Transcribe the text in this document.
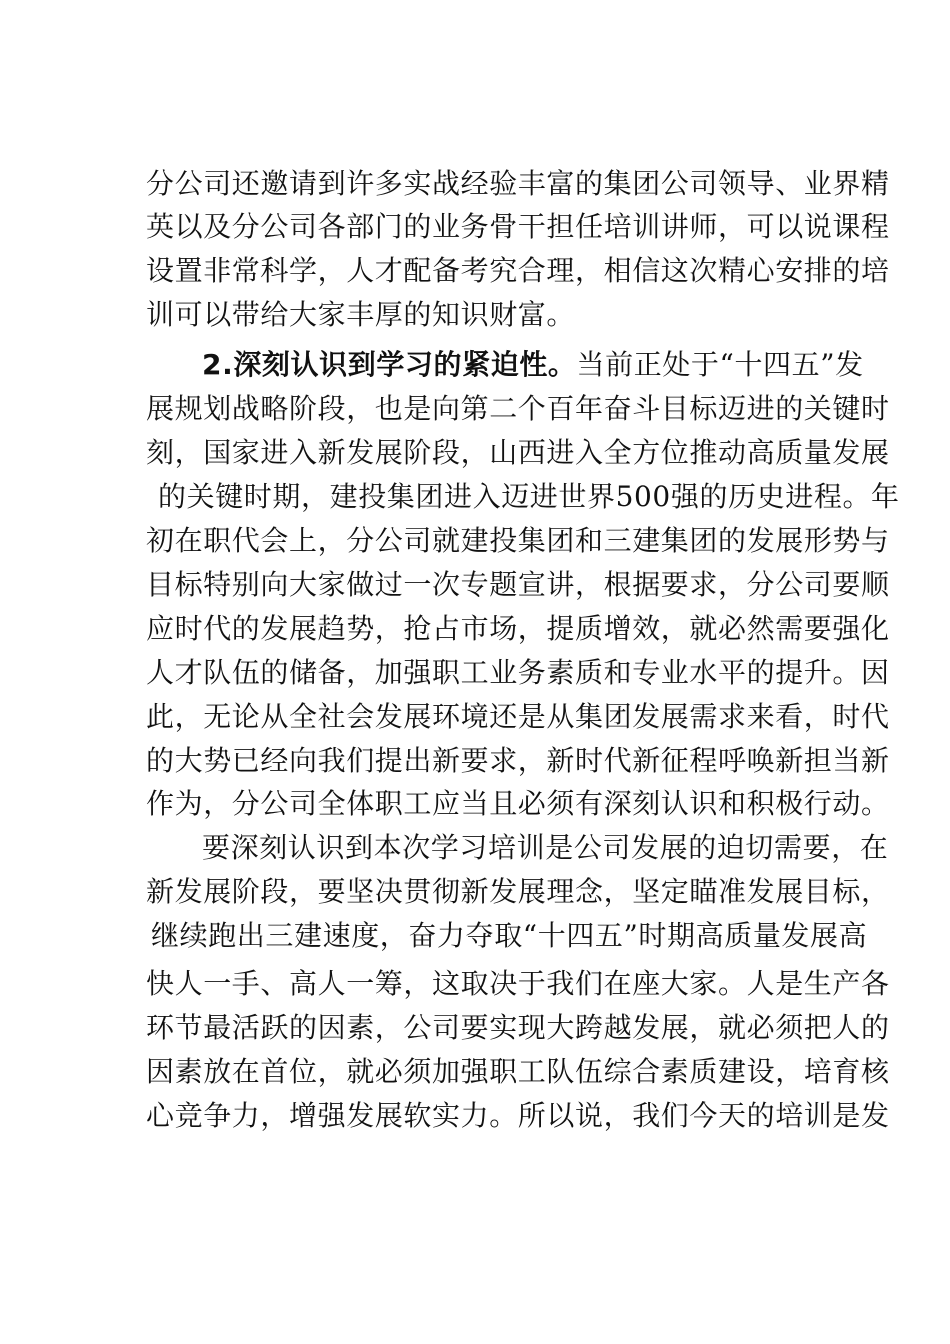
分公司还邀请到许多实战经验丰富的集团公司领导、业界精
英以及分公司各部门的业务骨干担任培训讲师，可以说课程
设置非常科学，人才配备考究合理，相信这次精心安排的培
训可以带给大家丰厚的知识财富。
2.深刻认识到学习的紧迫性。当前正处于“十四五”发
展规划战略阶段，也是向第二个百年奋斗目标迈进的关键时
刻，国家进入新发展阶段，山西进入全方位推动高质量发展
的关键时期，建投集团进入迈进世界500强的历史进程。年
初在职代会上，分公司就建投集团和三建集团的发展形势与
目标特别向大家做过一次专题宣讲，根据要求，分公司要顺
应时代的发展趋势，抢占市场，提质增效，就必然需要强化
人才队伍的储备，加强职工业务素质和专业水平的提升。因
此，无论从全社会发展环境还是从集团发展需求来看，时代
的大势已经向我们提出新要求，新时代新征程呼唤新担当新
作为，分公司全体职工应当且必须有深刻认识和积极行动。
要深刻认识到本次学习培训是公司发展的迫切需要，在
新发展阶段，要坚决贯彻新发展理念，坚定瞄准发展目标，
继续跑出三建速度，奋力夺取“十四五”时期高质量发展高
快人一手、高人一筹，这取决于我们在座大家。人是生产各
环节最活跃的因素，公司要实现大跨越发展，就必须把人的
因素放在首位，就必须加强职工队伍综合素质建设，培育核
心竞争力，增强发展软实力。所以说，我们今天的培训是发
